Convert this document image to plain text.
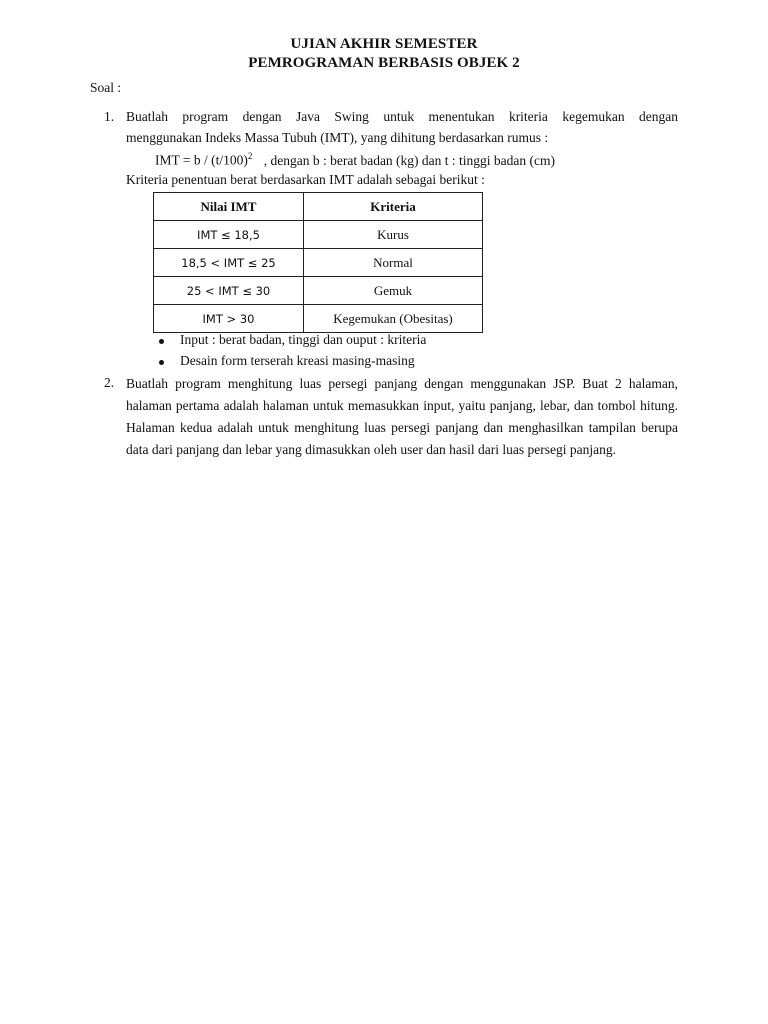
UJIAN AKHIR SEMESTER
PEMROGRAMAN BERBASIS OBJEK 2
Soal :
1. Buatlah program dengan Java Swing untuk menentukan kriteria kegemukan dengan
menggunakan Indeks Massa Tubuh (IMT), yang dihitung berdasarkan rumus :
IMT = b / $(t/100)^2$ , dengan b : berat badan (kg) dan t : tinggi badan (cm)
Kriteria penentuan berat berdasarkan IMT adalah sebagai berikut :
Nilai IMT	Kriteria
IMT ≤ 18,5	Kurus
18,5 < IMT ≤ 25	Normal
25 < IMT ≤ 30	Gemuk
IMT > 30	Kegemukan (Obesitas)
Input : berat badan, tinggi dan ouput : kriteria
Desain form terserah kreasi masing-masing
2. Buatlah program menghitung luas persegi panjang dengan menggunakan JSP. Buat 2 halaman, halaman pertama adalah halaman untuk memasukkan input, yaitu panjang, lebar, dan tombol hitung. Halaman kedua adalah untuk menghitung luas persegi panjang dan menghasilkan tampilan berupa data dari panjang dan lebar yang dimasukkan oleh user dan hasil dari luas persegi panjang.
